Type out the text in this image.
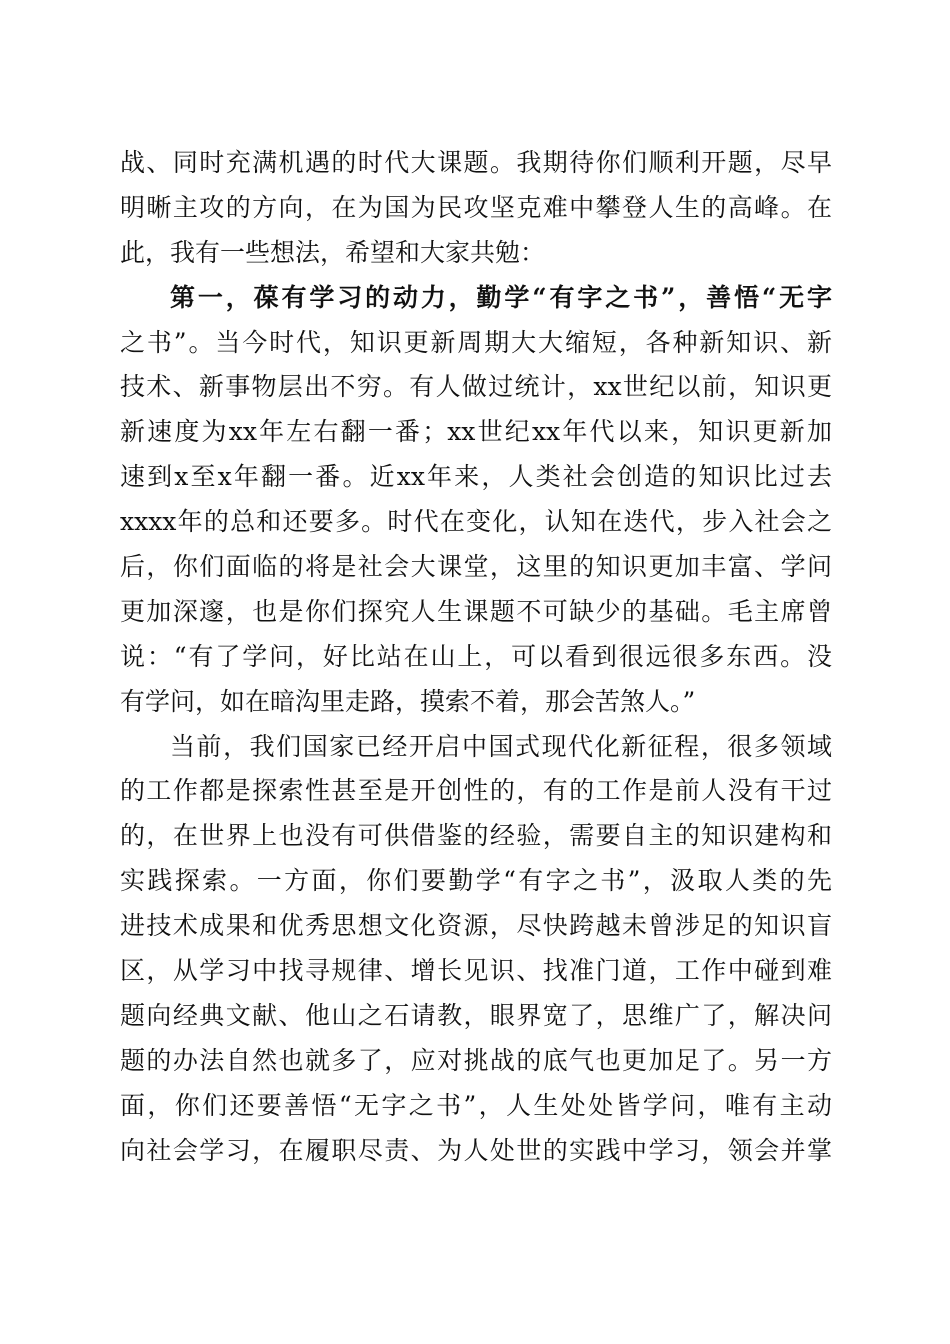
战、同时充满机遇的时代大课题。我期待你们顺利开题，尽早
明晰主攻的方向，在为国为民攻坚克难中攀登人生的高峰。在
此，我有一些想法，希望和大家共勉：
第一，葆有学习的动力，勤学“有字之书”，善悟“无字
之书”。当今时代，知识更新周期大大缩短，各种新知识、新
技术、新事物层出不穷。有人做过统计，xx世纪以前，知识更
新速度为xx年左右翻一番；xx世纪xx年代以来，知识更新加
速到x至x年翻一番。近xx年来，人类社会创造的知识比过去
xxxx年的总和还要多。时代在变化，认知在迭代，步入社会之
后，你们面临的将是社会大课堂，这里的知识更加丰富、学问
更加深邃，也是你们探究人生课题不可缺少的基础。毛主席曾
说：“有了学问，好比站在山上，可以看到很远很多东西。没
有学问，如在暗沟里走路，摸索不着，那会苦煞人。”
当前，我们国家已经开启中国式现代化新征程，很多领域
的工作都是探索性甚至是开创性的，有的工作是前人没有干过
的，在世界上也没有可供借鉴的经验，需要自主的知识建构和
实践探索。一方面，你们要勤学“有字之书”，汲取人类的先
进技术成果和优秀思想文化资源，尽快跨越未曾涉足的知识盲
区，从学习中找寻规律、增长见识、找准门道，工作中碰到难
题向经典文献、他山之石请教，眼界宽了，思维广了，解决问
题的办法自然也就多了，应对挑战的底气也更加足了。另一方
面，你们还要善悟“无字之书”，人生处处皆学问，唯有主动
向社会学习，在履职尽责、为人处世的实践中学习，领会并掌
